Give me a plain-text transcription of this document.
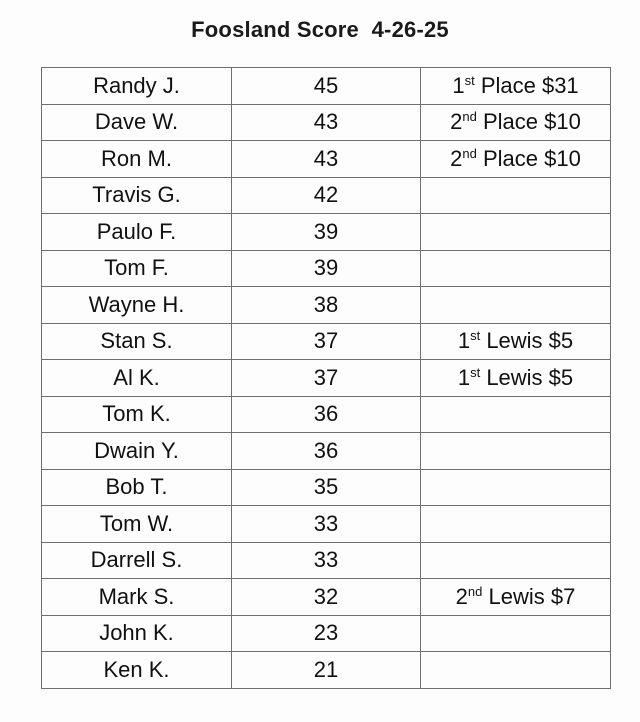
Foosland Score  4-26-25
Randy J.	45	1st Place $31
Dave W.	43	2nd Place $10
Ron M.	43	2nd Place $10
Travis G.	42	
Paulo F.	39	
Tom F.	39	
Wayne H.	38	
Stan S.	37	1st Lewis $5
Al K.	37	1st Lewis $5
Tom K.	36	
Dwain Y.	36	
Bob T.	35	
Tom W.	33	
Darrell S.	33	
Mark S.	32	2nd Lewis $7
John K.	23	
Ken K.	21	
